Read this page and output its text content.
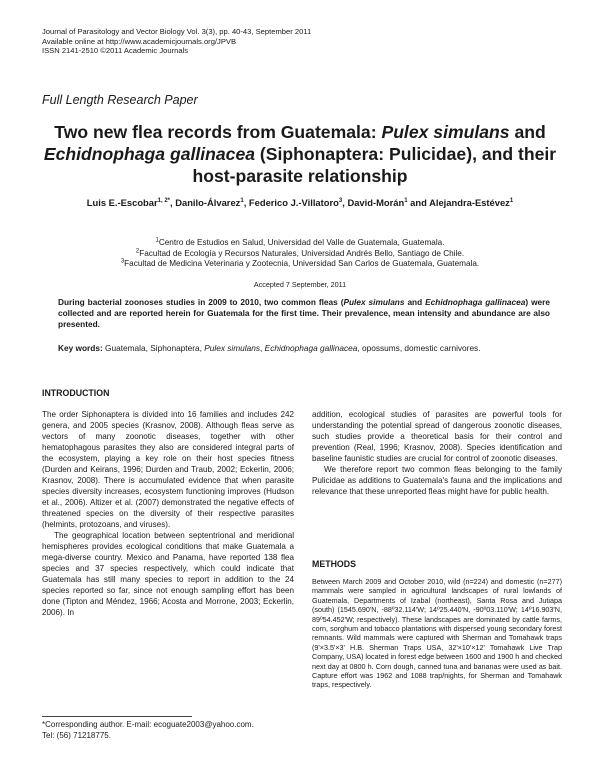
Journal of Parasitology and Vector Biology Vol. 3(3), pp. 40-43, September 2011
Available online at http://www.academicjournals.org/JPVB
ISSN 2141-2510 ©2011 Academic Journals
Full Length Research Paper
Two new flea records from Guatemala: Pulex simulans and Echidnophaga gallinacea (Siphonaptera: Pulicidae), and their host-parasite relationship
Luis E.-Escobar$^{1, 2*}$, Danilo-Álvarez$^1$, Federico J.-Villatoro$^3$, David-Morán$^1$ and Alejandra-Estévez$^1$
$^1$Centro de Estudios en Salud, Universidad del Valle de Guatemala, Guatemala.
$^2$Facultad de Ecología y Recursos Naturales, Universidad Andrés Bello, Santiago de Chile.
$^3$Facultad de Medicina Veterinaria y Zootecnia, Universidad San Carlos de Guatemala, Guatemala.
Accepted 7 September, 2011
During bacterial zoonoses studies in 2009 to 2010, two common fleas (Pulex simulans and Echidnophaga gallinacea) were collected and are reported herein for Guatemala for the first time. Their prevalence, mean intensity and abundance are also presented.
Key words: Guatemala, Siphonaptera, Pulex simulans, Echidnophaga gallinacea, opossums, domestic carnivores.
INTRODUCTION

The order Siphonaptera is divided into 16 families and includes 242 genera, and 2005 species (Krasnov, 2008). Although fleas serve as vectors of many zoonotic diseases, together with other hematophagous parasites they also are considered integral parts of the ecosystem, playing a key role on their host species fitness (Durden and Keirans, 1996; Durden and Traub, 2002; Eckerlin, 2006; Krasnov, 2008). There is accumulated evidence that when parasite species diversity increases, ecosystem functioning improves (Hudson et al., 2006). Altizer et al. (2007) demonstrated the negative effects of threatened species on the diversity of their respective parasites (helmints, protozoans, and viruses).

The geographical location between septentrional and meridional hemispheres provides ecological conditions that make Guatemala a mega-diverse country. Mexico and Panama, have reported 138 flea species and 37 species respectively, which could indicate that Guatemala has still many species to report in addition to the 24 species reported so far, since not enough sampling effort has been done (Tipton and Méndez, 1966; Acosta and Morrone, 2003; Eckerlin, 2006). In

addition, ecological studies of parasites are powerful tools for understanding the potential spread of dangerous zoonotic diseases, such studies provide a theoretical basis for their control and prevention (Real, 1996; Krasnov, 2008). Species identification and baseline faunistic studies are crucial for control of zoonotic diseases.

We therefore report two common fleas belonging to the family Pulicidae as additions to Guatemala's fauna and the implications and relevance that these unreported fleas might have for public health.

METHODS

Between March 2009 and October 2010, wild (n=224) and domestic (n=277) mammals were sampled in agricultural landscapes of rural lowlands of Guatemala, Departments of Izabal (northeast), Santa Rosa and Jutiapa (south) (1545.690'N, -88º32.114'W; 14º25.440'N, -90º03.110'W; 14º16.903'N, 89º54.452'W; respectively). These landscapes are dominated by cattle farms, corn, sorghum and tobacco plantations with dispersed young secondary forest remnants. Wild mammals were captured with Sherman and Tomahawk traps (9'×3.5'×3' H.B. Sherman Traps USA, 32'×10'×12' Tomahawk Live Trap Company, USA) located in forest edge between 1600 and 1900 h and checked next day at 0800 h. Corn dough, canned tuna and bananas were used as bait. Capture effort was 1962 and 1088 trap/nights, for Sherman and Tomahawk traps, respectively.

*Corresponding author. E-mail: ecoguate2003@yahoo.com.
Tel: (56) 71218775.
